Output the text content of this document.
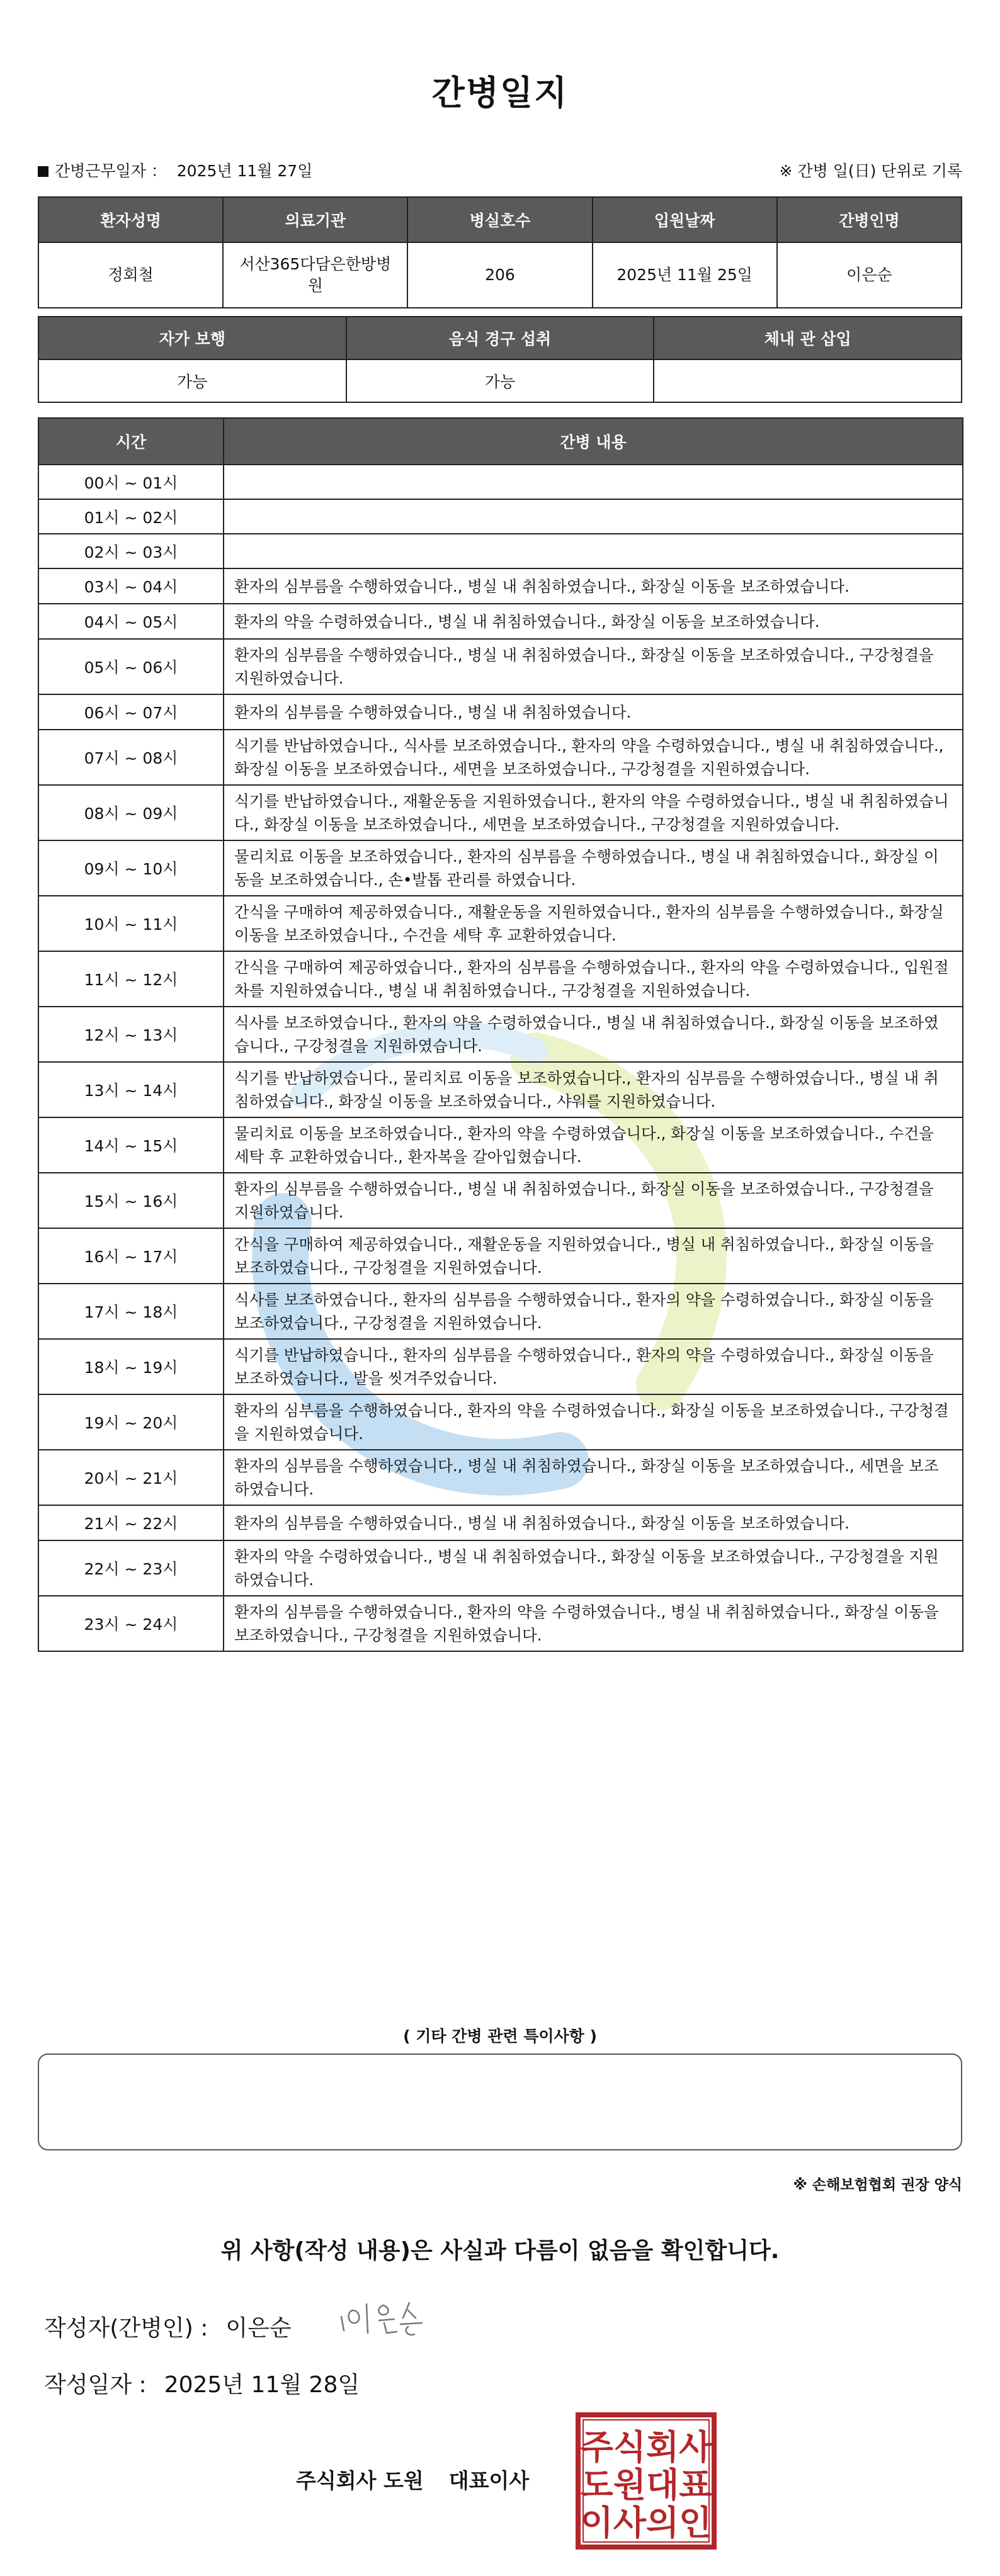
간병일지
간병근무일자 ： 2025년 11월 27일	※ 간병 일(日) 단위로 기록
환자성명	의료기관	병실호수	입원날짜	간병인명
정회철	서산365다담은한방병원	206	2025년 11월 25일	이은순
자가 보행	음식 경구 섭취	체내 관 삽입
가능	가능	
시간	간병 내용
00시 ~ 01시	
01시 ~ 02시	
02시 ~ 03시	
03시 ~ 04시	환자의 심부름을 수행하였습니다., 병실 내 취침하였습니다., 화장실 이동을 보조하였습니다.
04시 ~ 05시	환자의 약을 수령하였습니다., 병실 내 취침하였습니다., 화장실 이동을 보조하였습니다.
05시 ~ 06시	환자의 심부름을 수행하였습니다., 병실 내 취침하였습니다., 화장실 이동을 보조하였습니다., 구강청결을 지원하였습니다.
06시 ~ 07시	환자의 심부름을 수행하였습니다., 병실 내 취침하였습니다.
07시 ~ 08시	식기를 반납하였습니다., 식사를 보조하였습니다., 환자의 약을 수령하였습니다., 병실 내 취침하였습니다., 화장실 이동을 보조하였습니다., 세면을 보조하였습니다., 구강청결을 지원하였습니다.
08시 ~ 09시	식기를 반납하였습니다., 재활운동을 지원하였습니다., 환자의 약을 수령하였습니다., 병실 내 취침하였습니다., 화장실 이동을 보조하였습니다., 세면을 보조하였습니다., 구강청결을 지원하였습니다.
09시 ~ 10시	물리치료 이동을 보조하였습니다., 환자의 심부름을 수행하였습니다., 병실 내 취침하였습니다., 화장실 이동을 보조하였습니다., 손•발톱 관리를 하였습니다.
10시 ~ 11시	간식을 구매하여 제공하였습니다., 재활운동을 지원하였습니다., 환자의 심부름을 수행하였습니다., 화장실 이동을 보조하였습니다., 수건을 세탁 후 교환하였습니다.
11시 ~ 12시	간식을 구매하여 제공하였습니다., 환자의 심부름을 수행하였습니다., 환자의 약을 수령하였습니다., 입원절차를 지원하였습니다., 병실 내 취침하였습니다., 구강청결을 지원하였습니다.
12시 ~ 13시	식사를 보조하였습니다., 환자의 약을 수령하였습니다., 병실 내 취침하였습니다., 화장실 이동을 보조하였습니다., 구강청결을 지원하였습니다.
13시 ~ 14시	식기를 반납하였습니다., 물리치료 이동을 보조하였습니다., 환자의 심부름을 수행하였습니다., 병실 내 취침하였습니다., 화장실 이동을 보조하였습니다., 샤워를 지원하였습니다.
14시 ~ 15시	물리치료 이동을 보조하였습니다., 환자의 약을 수령하였습니다., 화장실 이동을 보조하였습니다., 수건을 세탁 후 교환하였습니다., 환자복을 갈아입혔습니다.
15시 ~ 16시	환자의 심부름을 수행하였습니다., 병실 내 취침하였습니다., 화장실 이동을 보조하였습니다., 구강청결을 지원하였습니다.
16시 ~ 17시	간식을 구매하여 제공하였습니다., 재활운동을 지원하였습니다., 병실 내 취침하였습니다., 화장실 이동을 보조하였습니다., 구강청결을 지원하였습니다.
17시 ~ 18시	식사를 보조하였습니다., 환자의 심부름을 수행하였습니다., 환자의 약을 수령하였습니다., 화장실 이동을 보조하였습니다., 구강청결을 지원하였습니다.
18시 ~ 19시	식기를 반납하였습니다., 환자의 심부름을 수행하였습니다., 환자의 약을 수령하였습니다., 화장실 이동을 보조하였습니다., 발을 씻겨주었습니다.
19시 ~ 20시	환자의 심부름을 수행하였습니다., 환자의 약을 수령하였습니다., 화장실 이동을 보조하였습니다., 구강청결을 지원하였습니다.
20시 ~ 21시	환자의 심부름을 수행하였습니다., 병실 내 취침하였습니다., 화장실 이동을 보조하였습니다., 세면을 보조하였습니다.
21시 ~ 22시	환자의 심부름을 수행하였습니다., 병실 내 취침하였습니다., 화장실 이동을 보조하였습니다.
22시 ~ 23시	환자의 약을 수령하였습니다., 병실 내 취침하였습니다., 화장실 이동을 보조하였습니다., 구강청결을 지원하였습니다.
23시 ~ 24시	환자의 심부름을 수행하였습니다., 환자의 약을 수령하였습니다., 병실 내 취침하였습니다., 화장실 이동을 보조하였습니다., 구강청결을 지원하였습니다.
( 기타 간병 관련 특이사항 )
※ 손해보험협회 권장 양식
위 사항(작성 내용)은 사실과 다름이 없음을 확인합니다.
작성자(간병인) : 이은순
작성일자 : 2025년 11월 28일
주식회사 도원 대표이사
주식회사
도원대표
이사의인
